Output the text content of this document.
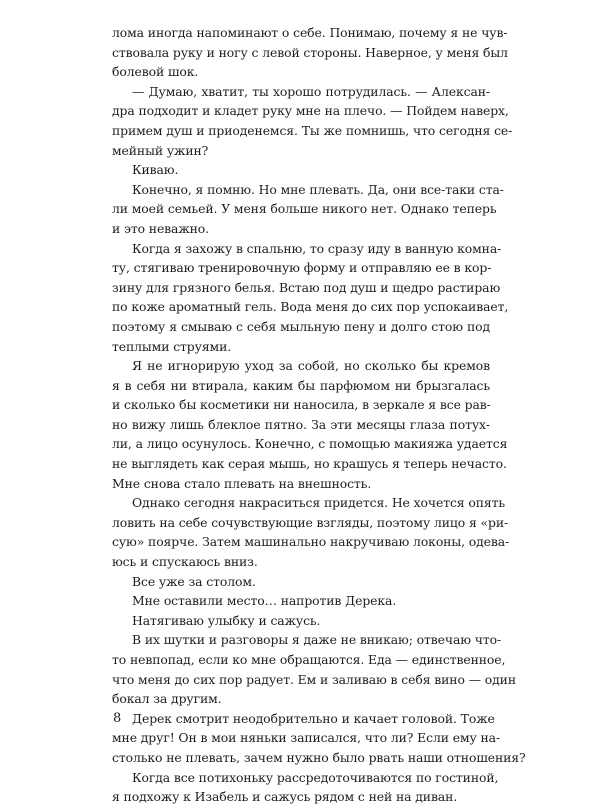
лома иногда напоминают о себе. Понимаю, почему я не чув-
ствовала руку и ногу с левой стороны. Наверное, у меня был
болевой шок.
— Думаю, хватит, ты хорошо потрудилась. — Алексан-
дра подходит и кладет руку мне на плечо. — Пойдем наверх,
примем душ и приоденемся. Ты же помнишь, что сегодня се-
мейный ужин?
Киваю.
Конечно, я помню. Но мне плевать. Да, они все-таки ста-
ли моей семьей. У меня больше никого нет. Однако теперь
и это неважно.
Когда я захожу в спальню, то сразу иду в ванную комна-
ту, стягиваю тренировочную форму и отправляю ее в кор-
зину для грязного белья. Встаю под душ и щедро растираю
по коже ароматный гель. Вода меня до сих пор успокаивает,
поэтому я смываю с себя мыльную пену и долго стою под
теплыми струями.
Я не игнорирую уход за собой, но сколько бы кремов
я в себя ни втирала, каким бы парфюмом ни брызгалась
и сколько бы косметики ни наносила, в зеркале я все рав-
но вижу лишь блеклое пятно. За эти месяцы глаза потух-
ли, а лицо осунулось. Конечно, с помощью макияжа удается
не выглядеть как серая мышь, но крашусь я теперь нечасто.
Мне снова стало плевать на внешность.
Однако сегодня накраситься придется. Не хочется опять
ловить на себе сочувствующие взгляды, поэтому лицо я «ри-
сую» поярче. Затем машинально накручиваю локоны, одева-
юсь и спускаюсь вниз.
Все уже за столом.
Мне оставили место… напротив Дерека.
Натягиваю улыбку и сажусь.
В их шутки и разговоры я даже не вникаю; отвечаю что-
то невпопад, если ко мне обращаются. Еда — единственное,
что меня до сих пор радует. Ем и заливаю в себя вино — один
бокал за другим.
Дерек смотрит неодобрительно и качает головой. Тоже
мне друг! Он в мои няньки записался, что ли? Если ему на-
столько не плевать, зачем нужно было рвать наши отношения?
Когда все потихоньку рассредоточиваются по гостиной,
я подхожу к Изабель и сажусь рядом с ней на диван.
8
